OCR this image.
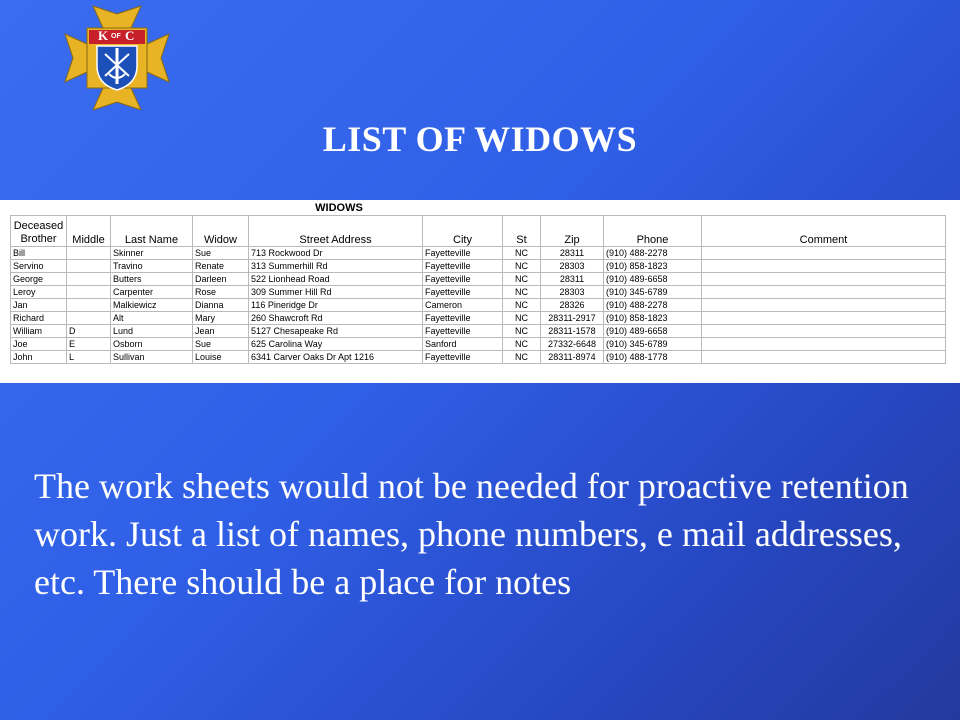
K OF C
LIST OF WIDOWS
WIDOWS
Deceased Brother	Middle	Last Name	Widow	Street Address	City	St	Zip	Phone	Comment
Bill		Skinner	Sue	713 Rockwood Dr	Fayetteville	NC	28311	(910) 488-2278	
Servino		Travino	Renate	313 Summerhill Rd	Fayetteville	NC	28303	(910) 858-1823	
George		Butters	Darleen	522 Lionhead Road	Fayetteville	NC	28311	(910) 489-6658	
Leroy		Carpenter	Rose	309 Summer Hill Rd	Fayetteville	NC	28303	(910) 345-6789	
Jan		Malkiewicz	Dianna	116 Pineridge Dr	Cameron	NC	28326	(910) 488-2278	
Richard		Alt	Mary	260 Shawcroft Rd	Fayetteville	NC	28311-2917	(910) 858-1823	
William	D	Lund	Jean	5127 Chesapeake Rd	Fayetteville	NC	28311-1578	(910) 489-6658	
Joe	E	Osborn	Sue	625 Carolina Way	Sanford	NC	27332-6648	(910) 345-6789	
John	L	Sullivan	Louise	6341 Carver Oaks Dr Apt 1216	Fayetteville	NC	28311-8974	(910) 488-1778	
The work sheets would not be needed for proactive retention work. Just a list of names, phone numbers, e mail addresses, etc. There should be a place for notes
